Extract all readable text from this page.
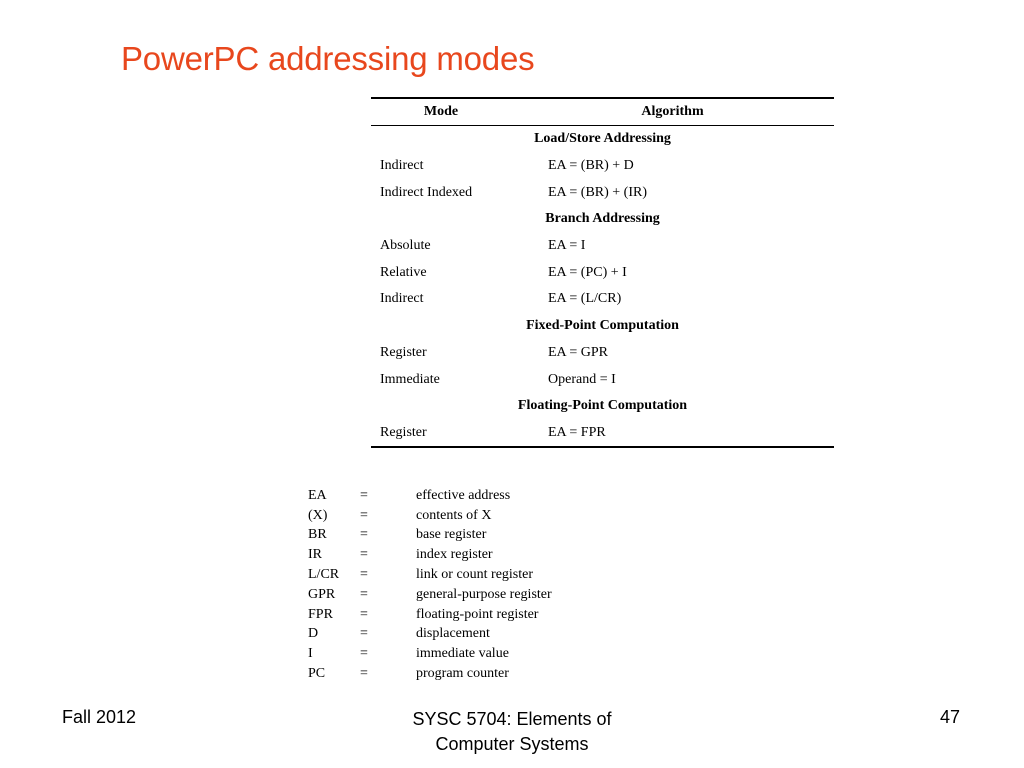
PowerPC addressing modes
Mode	Algorithm
Load/Store Addressing
Indirect	EA = (BR) + D
Indirect Indexed	EA = (BR) + (IR)
Branch Addressing
Absolute	EA = I
Relative	EA = (PC) + I
Indirect	EA = (L/CR)
Fixed-Point Computation
Register	EA = GPR
Immediate	Operand = I
Floating-Point Computation
Register	EA = FPR
EA	=	effective address
(X)	=	contents of X
BR	=	base register
IR	=	index register
L/CR	=	link or count register
GPR	=	general-purpose register
FPR	=	floating-point register
D	=	displacement
I	=	immediate value
PC	=	program counter
Fall 2012	SYSC 5704: Elements of
Computer Systems
47
